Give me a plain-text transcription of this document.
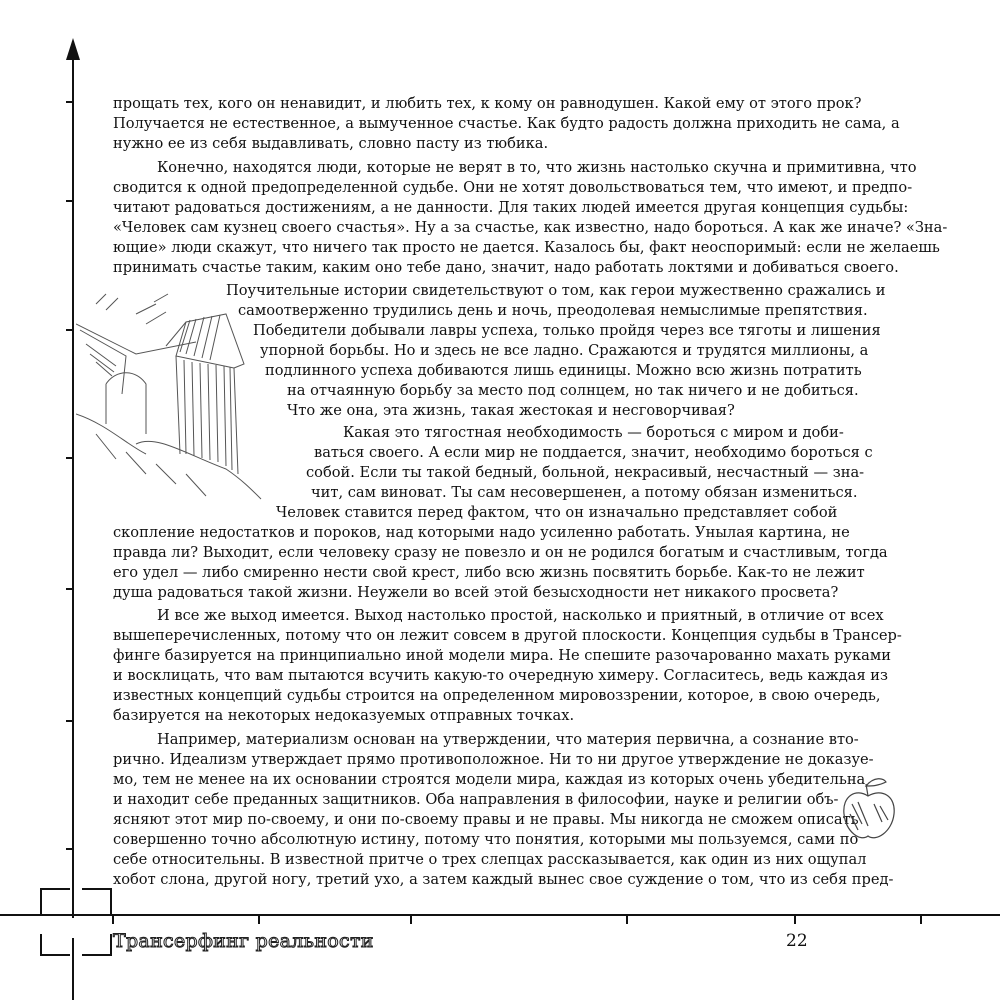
прощать тех, кого он ненавидит, и любить тех, к кому он равнодушен. Какой ему от этого прок?
Получается не естественное, а вымученное счастье. Как будто радость должна приходить не сама, а
нужно ее из себя выдавливать, словно пасту из тюбика.
Конечно, находятся люди, которые не верят в то, что жизнь настолько скучна и примитивна, что
сводится к одной предопределенной судьбе. Они не хотят довольствоваться тем, что имеют, и предпо-
читают радоваться достижениям, а не данности. Для таких людей имеется другая концепция судьбы:
«Человек сам кузнец своего счастья». Ну а за счастье, как известно, надо бороться. А как же иначе? «Зна-
ющие» люди скажут, что ничего так просто не дается. Казалось бы, факт неоспоримый: если не желаешь
принимать счастье таким, каким оно тебе дано, значит, надо работать локтями и добиваться своего.
Поучительные истории свидетельствуют о том, как герои мужественно сражались и
самоотверженно трудились день и ночь, преодолевая немыслимые препятствия.
Победители добывали лавры успеха, только пройдя через все тяготы и лишения
упорной борьбы. Но и здесь не все ладно. Сражаются и трудятся миллионы, а
подлинного успеха добиваются лишь единицы. Можно всю жизнь потратить
на отчаянную борьбу за место под солнцем, но так ничего и не добиться.
Что же она, эта жизнь, такая жестокая и несговорчивая?
Какая это тягостная необходимость — бороться с миром и доби-
ваться своего. А если мир не поддается, значит, необходимо бороться с
собой. Если ты такой бедный, больной, некрасивый, несчастный — зна-
чит, сам виноват. Ты сам несовершенен, а потому обязан измениться.
Человек ставится перед фактом, что он изначально представляет собой
скопление недостатков и пороков, над которыми надо усиленно работать. Унылая картина, не
правда ли? Выходит, если человеку сразу не повезло и он не родился богатым и счастливым, тогда
его удел — либо смиренно нести свой крест, либо всю жизнь посвятить борьбе. Как-то не лежит
душа радоваться такой жизни. Неужели во всей этой безысходности нет никакого просвета?
И все же выход имеется. Выход настолько простой, насколько и приятный, в отличие от всех
вышеперечисленных, потому что он лежит совсем в другой плоскости. Концепция судьбы в Трансер-
финге базируется на принципиально иной модели мира. Не спешите разочарованно махать руками
и восклицать, что вам пытаются всучить какую-то очередную химеру. Согласитесь, ведь каждая из
известных концепций судьбы строится на определенном мировоззрении, которое, в свою очередь,
базируется на некоторых недоказуемых отправных точках.
Например, материализм основан на утверждении, что материя первична, а сознание вто-
рично. Идеализм утверждает прямо противоположное. Ни то ни другое утверждение не доказуе-
мо, тем не менее на их основании строятся модели мира, каждая из которых очень убедительна
и находит себе преданных защитников. Оба направления в философии, науке и религии объ-
ясняют этот мир по-своему, и они по-своему правы и не правы. Мы никогда не сможем описать
совершенно точно абсолютную истину, потому что понятия, которыми мы пользуемся, сами по
себе относительны. В известной притче о трех слепцах рассказывается, как один из них ощупал
хобот слона, другой ногу, третий ухо, а затем каждый вынес свое суждение о том, что из себя пред-
Трансерфинг реальности	22
